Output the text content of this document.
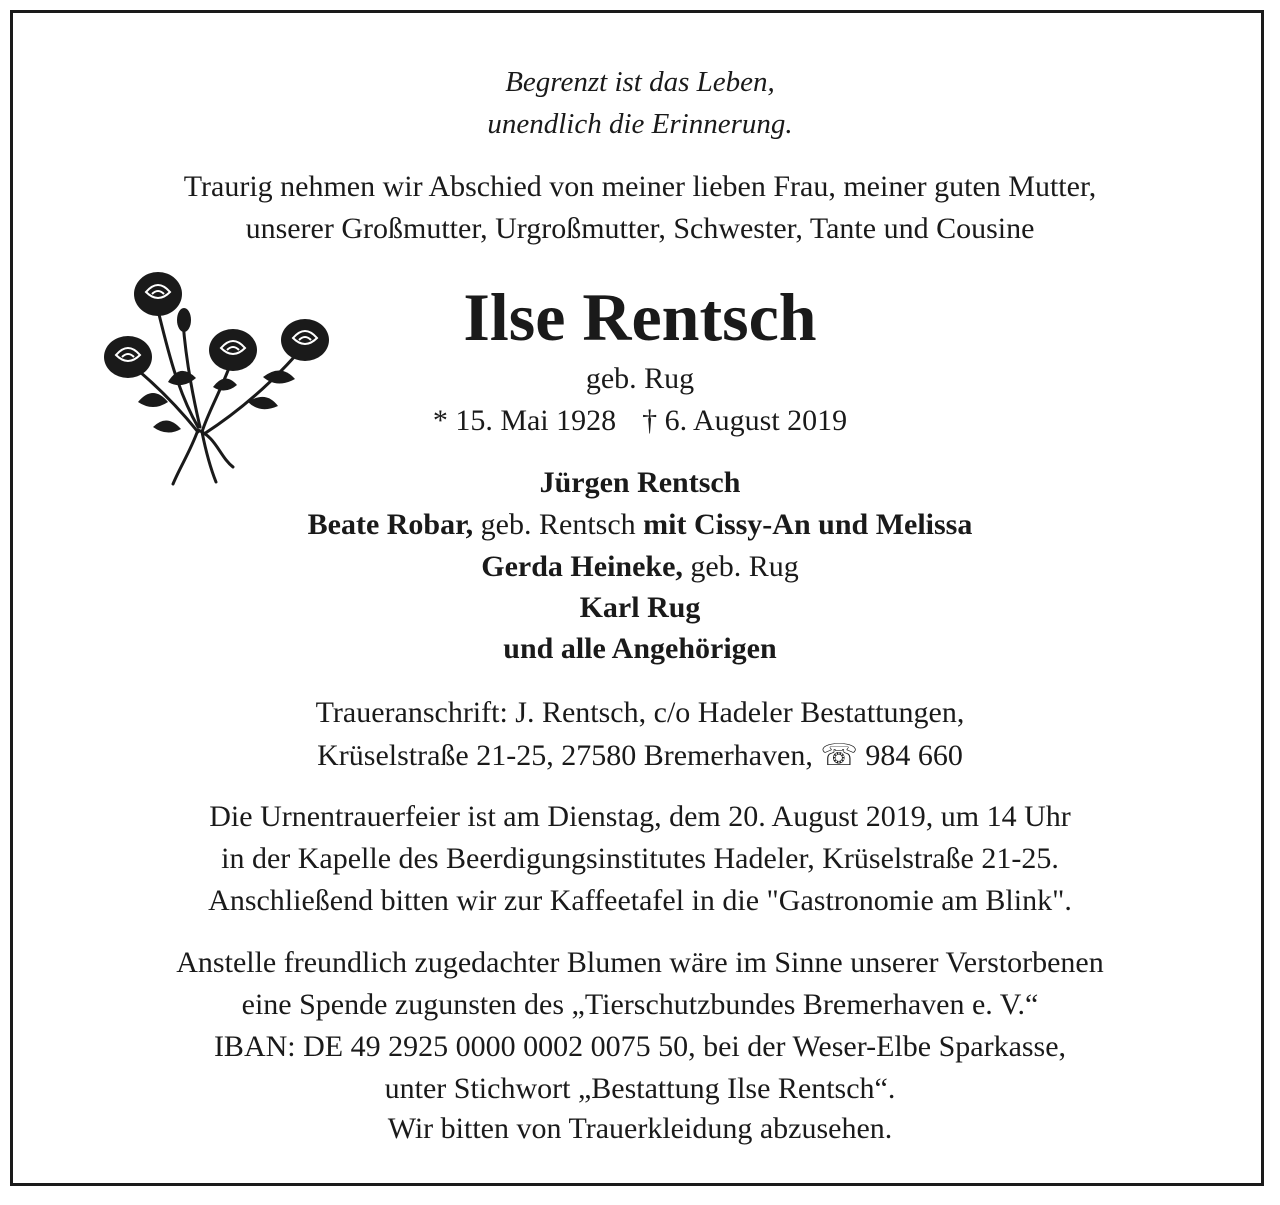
Begrenzt ist das Leben,
unendlich die Erinnerung.
Traurig nehmen wir Abschied von meiner lieben Frau, meiner guten Mutter,
unserer Großmutter, Urgroßmutter, Schwester, Tante und Cousine
Ilse Rentsch
geb. Rug
* 15. Mai 1928 † 6. August 2019
Jürgen Rentsch
Beate Robar, geb. Rentsch mit Cissy-An und Melissa
Gerda Heineke, geb. Rug
Karl Rug
und alle Angehörigen
Traueranschrift: J. Rentsch, c/o Hadeler Bestattungen,
Krüselstraße 21-25, 27580 Bremerhaven, ☏ 984 660
Die Urnentrauerfeier ist am Dienstag, dem 20. August 2019, um 14 Uhr
in der Kapelle des Beerdigungsinstitutes Hadeler, Krüselstraße 21-25.
Anschließend bitten wir zur Kaffeetafel in die "Gastronomie am Blink".
Anstelle freundlich zugedachter Blumen wäre im Sinne unserer Verstorbenen
eine Spende zugunsten des „Tierschutzbundes Bremerhaven e. V.“
IBAN: DE 49 2925 0000 0002 0075 50, bei der Weser-Elbe Sparkasse,
unter Stichwort „Bestattung Ilse Rentsch“.
Wir bitten von Trauerkleidung abzusehen.
